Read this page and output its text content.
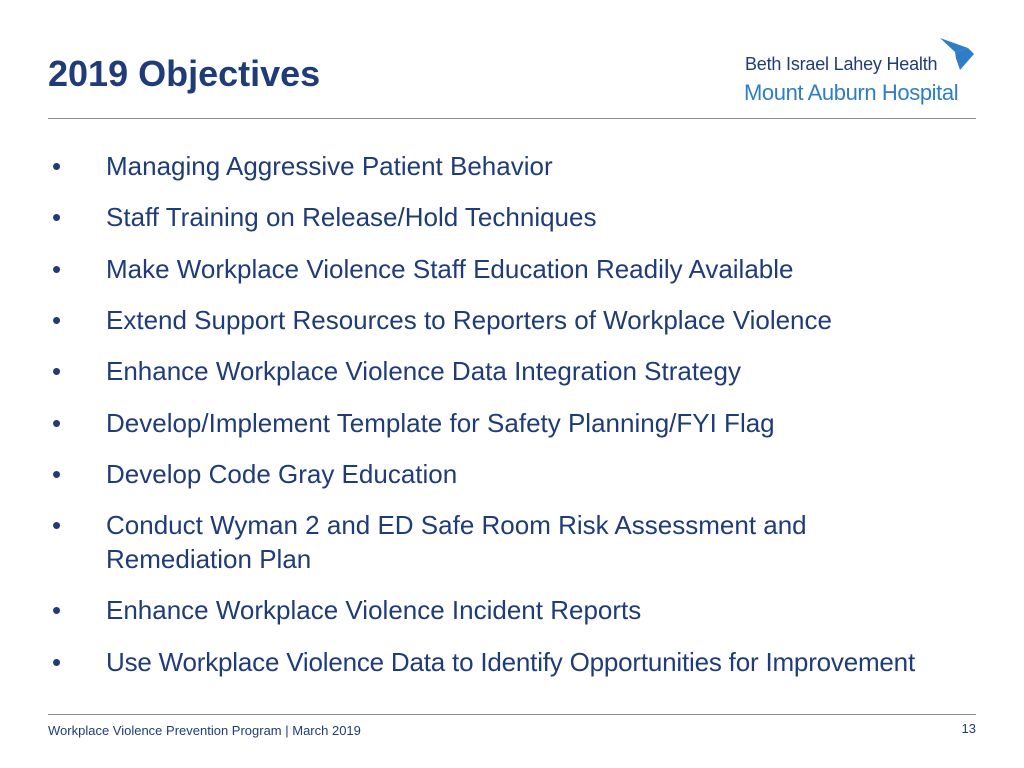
2019 Objectives	Beth Israel Lahey Health
Mount Auburn Hospital
• Managing Aggressive Patient Behavior
• Staff Training on Release/Hold Techniques
• Make Workplace Violence Staff Education Readily Available
• Extend Support Resources to Reporters of Workplace Violence
• Enhance Workplace Violence Data Integration Strategy
• Develop/Implement Template for Safety Planning/FYI Flag
• Develop Code Gray Education
• Conduct Wyman 2 and ED Safe Room Risk Assessment and Remediation Plan
• Enhance Workplace Violence Incident Reports
• Use Workplace Violence Data to Identify Opportunities for Improvement
Workplace Violence Prevention Program | March 2019	13
